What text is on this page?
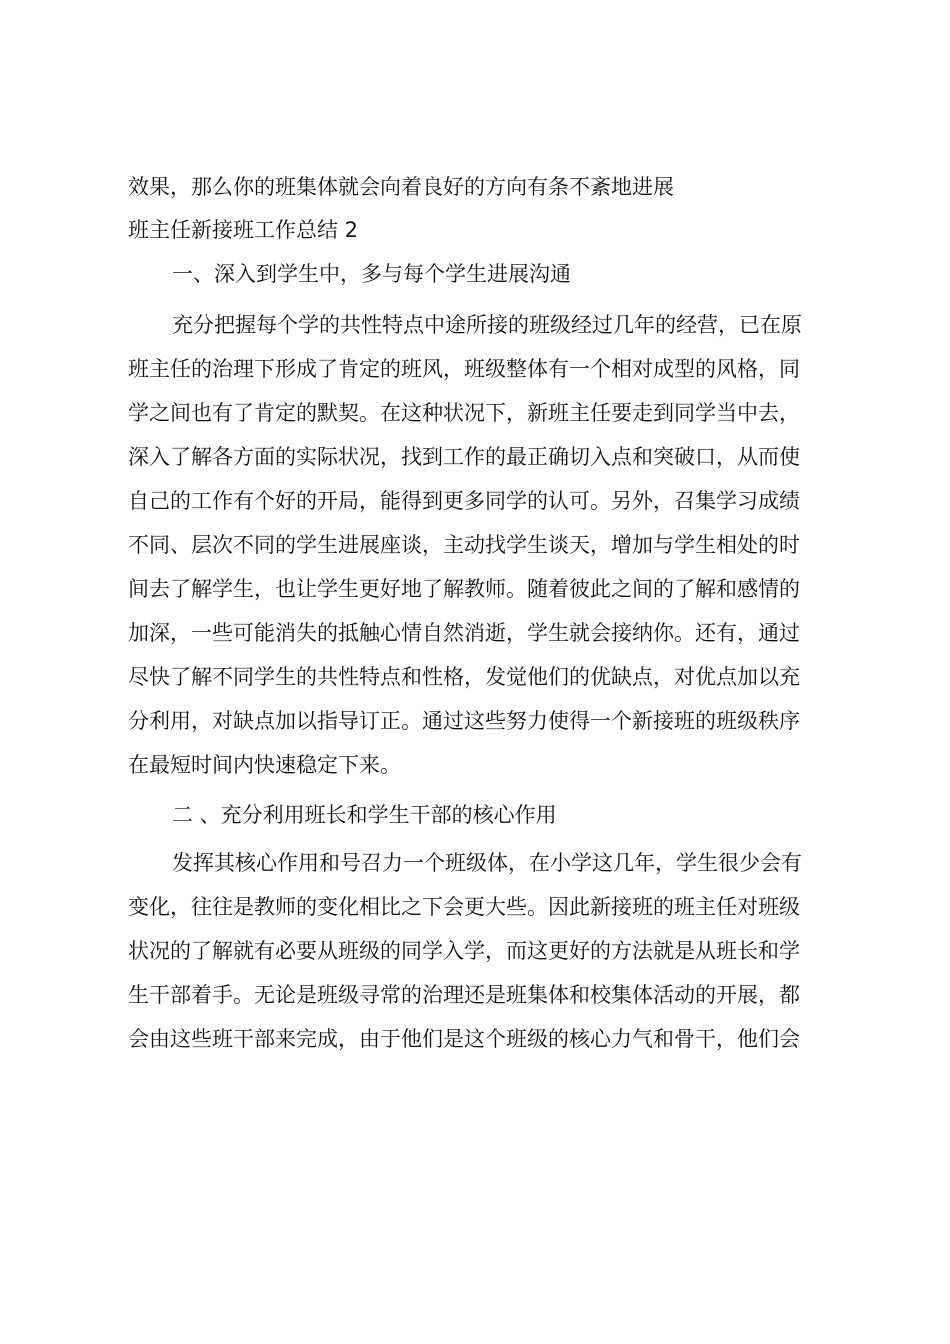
效果，那么你的班集体就会向着良好的方向有条不紊地进展
班主任新接班工作总结 2
一、深入到学生中，多与每个学生进展沟通
充分把握每个学的共性特点中途所接的班级经过几年的经营，已在原
班主任的治理下形成了肯定的班风，班级整体有一个相对成型的风格，同
学之间也有了肯定的默契。在这种状况下，新班主任要走到同学当中去，
深入了解各方面的实际状况，找到工作的最正确切入点和突破口，从而使
自己的工作有个好的开局，能得到更多同学的认可。另外，召集学习成绩
不同、层次不同的学生进展座谈，主动找学生谈天，增加与学生相处的时
间去了解学生，也让学生更好地了解教师。随着彼此之间的了解和感情的
加深，一些可能消失的抵触心情自然消逝，学生就会接纳你。还有，通过
尽快了解不同学生的共性特点和性格，发觉他们的优缺点，对优点加以充
分利用，对缺点加以指导订正。通过这些努力使得一个新接班的班级秩序
在最短时间内快速稳定下来。
二 、充分利用班长和学生干部的核心作用
发挥其核心作用和号召力一个班级体，在小学这几年，学生很少会有
变化，往往是教师的变化相比之下会更大些。因此新接班的班主任对班级
状况的了解就有必要从班级的同学入学，而这更好的方法就是从班长和学
生干部着手。无论是班级寻常的治理还是班集体和校集体活动的开展，都
会由这些班干部来完成，由于他们是这个班级的核心力气和骨干，他们会
